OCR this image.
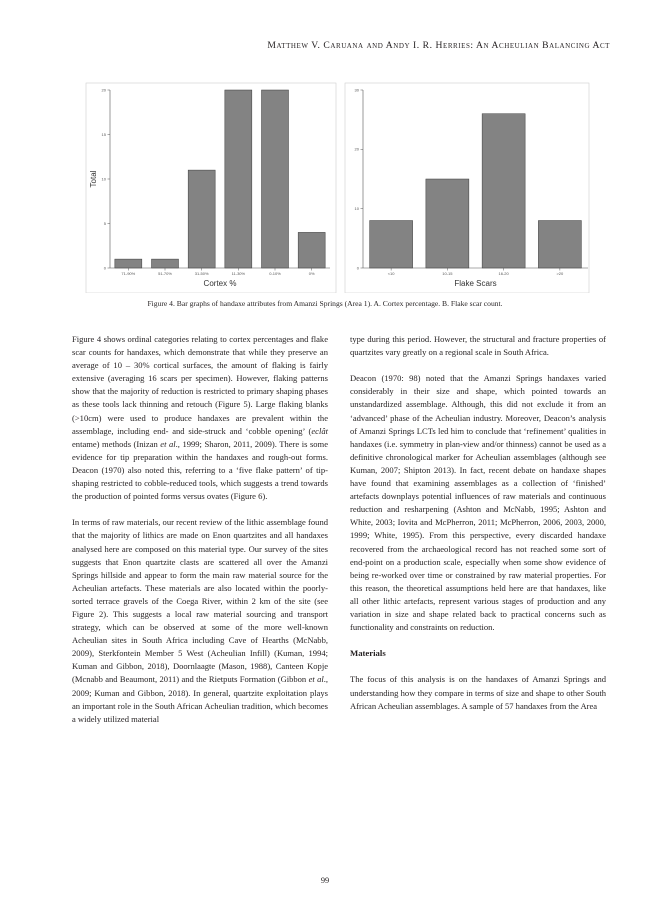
Matthew V. Caruana and Andy I. R. Herries: An Acheulian Balancing Act
0
5
10
15
20
71-90%	51-70%	31-50%	11-30%	0-10%	0%
Cortex %
Total
0
10
20
30
<10	10-15	16-20	>20
Flake Scars
Figure 4. Bar graphs of handaxe attributes from Amanzi Springs (Area 1). A. Cortex percentage. B. Flake scar count.

Figure 4 shows ordinal categories relating to cortex percentages and flake scar counts for handaxes, which demonstrate that while they preserve an average of 10 – 30% cortical surfaces, the amount of flaking is fairly extensive (averaging 16 scars per specimen). However, flaking patterns show that the majority of reduction is restricted to primary shaping phases as these tools lack thinning and retouch (Figure 5). Large flaking blanks (>10cm) were used to produce handaxes are prevalent within the assemblage, including end- and side-struck and ‘cobble opening’ (eclât entame) methods (Inizan et al., 1999; Sharon, 2011, 2009). There is some evidence for tip preparation within the handaxes and rough-out forms. Deacon (1970) also noted this, referring to a ‘five flake pattern’ of tip-shaping restricted to cobble-reduced tools, which suggests a trend towards the production of pointed forms versus ovates (Figure 6).

In terms of raw materials, our recent review of the lithic assemblage found that the majority of lithics are made on Enon quartzites and all handaxes analysed here are composed on this material type. Our survey of the sites suggests that Enon quartzite clasts are scattered all over the Amanzi Springs hillside and appear to form the main raw material source for the Acheulian artefacts. These materials are also located within the poorly-sorted terrace gravels of the Coega River, within 2 km of the site (see Figure 2). This suggests a local raw material sourcing and transport strategy, which can be observed at some of the more well-known Acheulian sites in South Africa including Cave of Hearths (McNabb, 2009), Sterkfontein Member 5 West (Acheulian Infill) (Kuman, 1994; Kuman and Gibbon, 2018), Doornlaagte (Mason, 1988), Canteen Kopje (Mcnabb and Beaumont, 2011) and the Rietputs Formation (Gibbon et al., 2009; Kuman and Gibbon, 2018). In general, quartzite exploitation plays an important role in the South African Acheulian tradition, which becomes a widely utilized material

type during this period. However, the structural and fracture properties of quartzites vary greatly on a regional scale in South Africa.

Deacon (1970: 98) noted that the Amanzi Springs handaxes varied considerably in their size and shape, which pointed towards an unstandardized assemblage. Although, this did not exclude it from an ‘advanced’ phase of the Acheulian industry. Moreover, Deacon’s analysis of Amanzi Springs LCTs led him to conclude that ‘refinement’ qualities in handaxes (i.e. symmetry in plan-view and/or thinness) cannot be used as a definitive chronological marker for Acheulian assemblages (although see Kuman, 2007; Shipton 2013). In fact, recent debate on handaxe shapes have found that examining assemblages as a collection of ‘finished’ artefacts downplays potential influences of raw materials and continuous reduction and resharpening (Ashton and McNabb, 1995; Ashton and White, 2003; Iovita and McPherron, 2011; McPherron, 2006, 2003, 2000, 1999; White, 1995). From this perspective, every discarded handaxe recovered from the archaeological record has not reached some sort of end-point on a production scale, especially when some show evidence of being re-worked over time or constrained by raw material properties. For this reason, the theoretical assumptions held here are that handaxes, like all other lithic artefacts, represent various stages of production and any variation in size and shape related back to practical concerns such as functionality and constraints on reduction.

Materials

The focus of this analysis is on the handaxes of Amanzi Springs and understanding how they compare in terms of size and shape to other South African Acheulian assemblages. A sample of 57 handaxes from the Area

99
